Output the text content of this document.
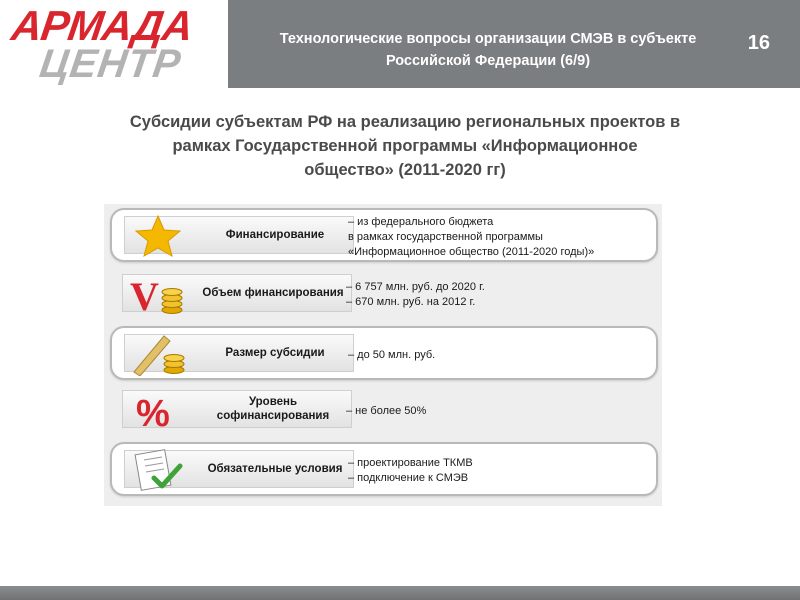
АРМАДА
ЦЕНТР
Технологические вопросы организации СМЭВ в субъекте Российской Федерации (6/9)
16
Субсидии субъектам РФ на реализацию региональных проектов в
рамках Государственной программы «Информационное
общество» (2011-2020 гг)
Финансирование
– из федерального бюджета
в рамках государственной программы
«Информационное общество (2011-2020 годы)»
V	Объем финансирования – 6 757 млн. руб. до 2020 г.
– 670 млн. руб. на 2012 г.
Размер субсидии	– до 50 млн. руб.
%	Уровень софинансирования	– не более 50%
Обязательные условия – проектирование ТКМВ
– подключение к СМЭВ
